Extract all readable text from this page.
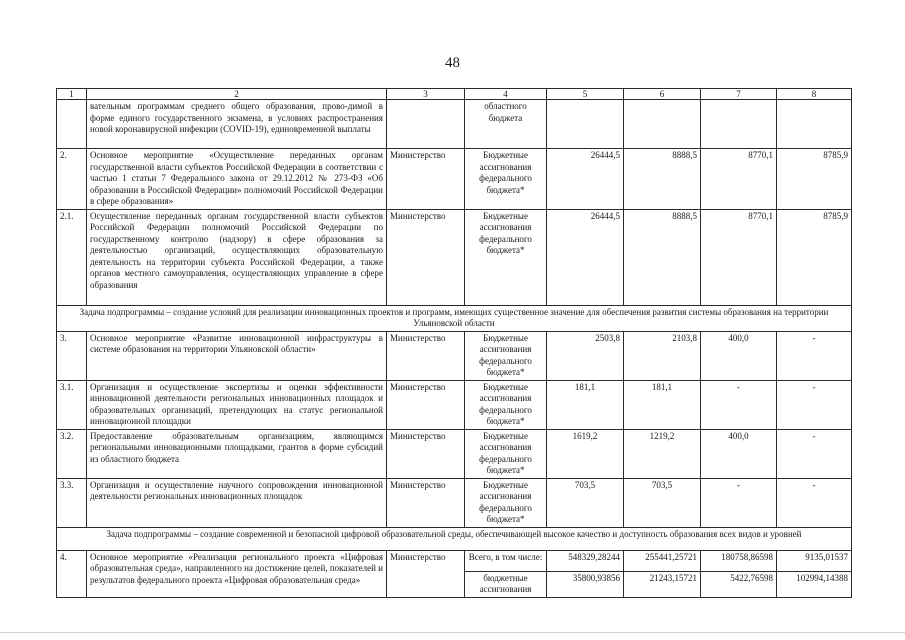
48
1	2	3	4	5	6	7	8
	вательным программам среднего общего образования, прово-димой в форме единого государственного экзамена, в условиях распространения новой коронавирусной инфекции (COVID-19), единовременной выплаты		областного бюджета				
2.	Основное мероприятие «Осуществление переданных органам государственной власти субъектов Российской Федерации в соответствии с частью 1 статьи 7 Федерального закона от 29.12.2012 № 273-ФЗ «Об образовании в Российской Федерации» полномочий Российской Федерации в сфере образования»	Министерство	Бюджетные ассигнования федерального бюджета*	26444,5	8888,5	8770,1	8785,9
2.1.	Осуществление переданных органам государственной власти субъектов Российской Федерации полномочий Российской Федерации по государственному контролю (надзору) в сфере образования за деятельностью организаций, осуществляющих образовательную деятельность на территории субъекта Российской Федерации, а также органов местного самоуправления, осуществляющих управление в сфере образования	Министерство	Бюджетные ассигнования федерального бюджета*	26444,5	8888,5	8770,1	8785,9
Задача подпрограммы – создание условий для реализации инновационных проектов и программ, имеющих существенное значение для обеспечения развития системы образования на территории Ульяновской области							
3.	Основное мероприятие «Развитие инновационной инфраструктуры в системе образования на территории Ульяновской области»	Министерство	Бюджетные ассигнования федерального бюджета*	2503,8	2103,8	400,0	-
3.1.	Организация и осуществление экспертизы и оценки эффективности инновационной деятельности региональных инновационных площадок и образовательных организаций, претендующих на статус региональной инновационной площадки	Министерство	Бюджетные ассигнования федерального бюджета*	181,1	181,1	-	-
3.2.	Предоставление образовательным организациям, являющимся региональными инновационными площадками, грантов в форме субсидий из областного бюджета	Министерство	Бюджетные ассигнования федерального бюджета*	1619,2	1219,2	400,0	-
3.3.	Организация и осуществление научного сопровождения инновационной деятельности региональных инновационных площадок	Министерство	Бюджетные ассигнования федерального бюджета*	703,5	703,5	-	-
Задача подпрограммы – создание современной и безопасной цифровой образовательной среды, обеспечивающей высокое качество и доступность образования всех видов и уровней							
4.	Основное мероприятие «Реализация регионального проекта «Цифровая образовательная среда», направленного на достижение целей, показателей и результатов федерального проекта «Цифровая образовательная среда»	Министерство	Всего, в том числе:	548329,28244	255441,25721	180758,86598	9135,01537
			бюджетные ассигнования	35800,93856	21243,15721	5422,76598	102994,14388
